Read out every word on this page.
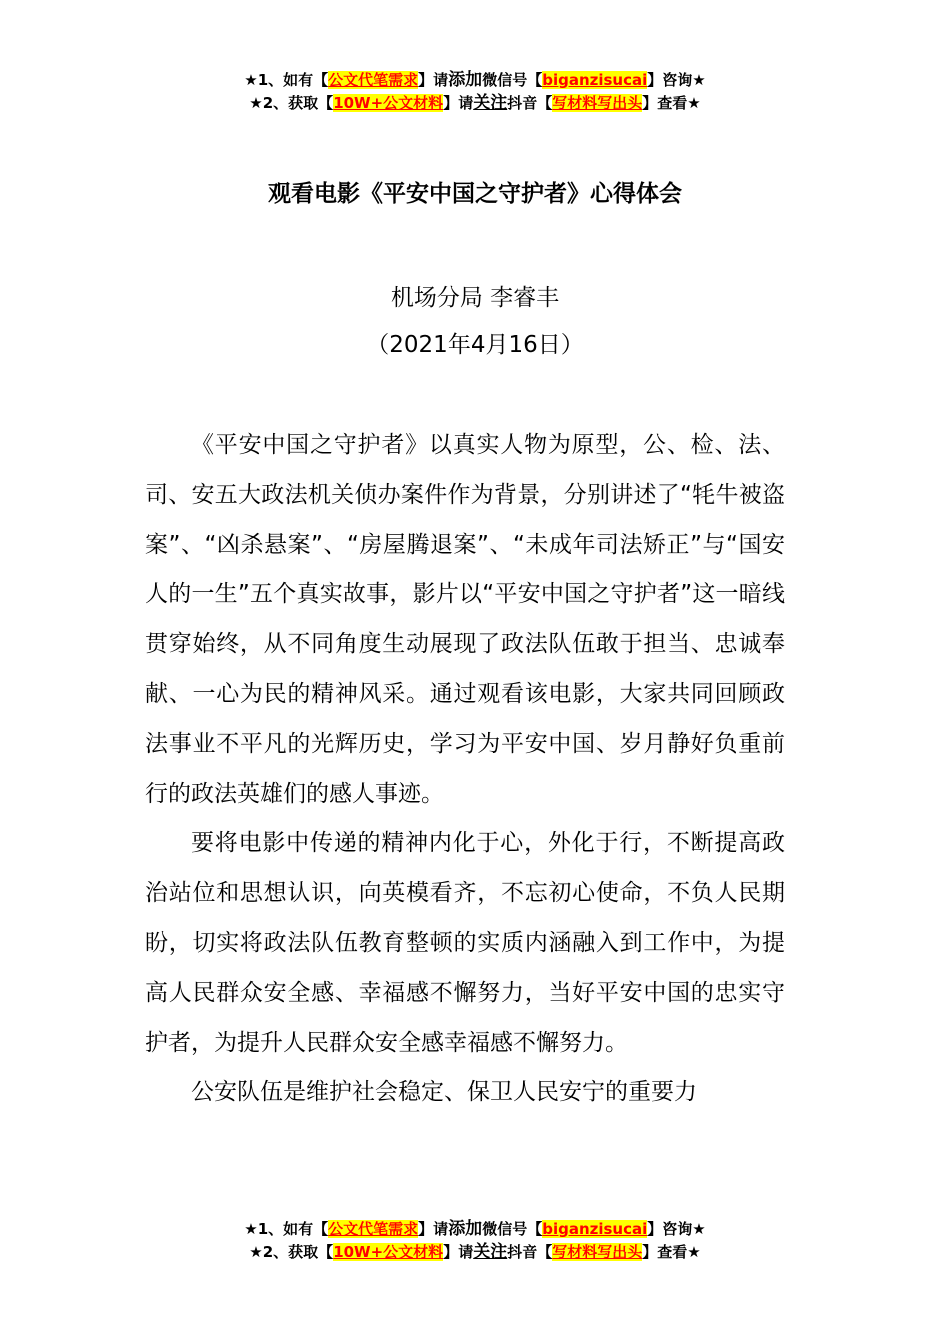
★1、如有【公文代笔需求】请添加微信号【biganzisucai】咨询★
★2、获取【10W+公文材料】请关注抖音【写材料写出头】查看★
观看电影《平安中国之守护者》心得体会
机场分局 李睿丰
（2021年4月16日）

《平安中国之守护者》以真实人物为原型，公、检、法、司、安五大政法机关侦办案件作为背景，分别讲述了“牦牛被盗案”、“凶杀悬案”、“房屋腾退案”、“未成年司法矫正”与“国安人的一生”五个真实故事，影片以“平安中国之守护者”这一暗线贯穿始终，从不同角度生动展现了政法队伍敢于担当、忠诚奉献、一心为民的精神风采。通过观看该电影，大家共同回顾政法事业不平凡的光辉历史，学习为平安中国、岁月静好负重前行的政法英雄们的感人事迹。

要将电影中传递的精神内化于心，外化于行，不断提高政治站位和思想认识，向英模看齐，不忘初心使命，不负人民期盼，切实将政法队伍教育整顿的实质内涵融入到工作中，为提高人民群众安全感、幸福感不懈努力，当好平安中国的忠实守护者，为提升人民群众安全感幸福感不懈努力。

公安队伍是维护社会稳定、保卫人民安宁的重要力

★1、如有【公文代笔需求】请添加微信号【biganzisucai】咨询★
★2、获取【10W+公文材料】请关注抖音【写材料写出头】查看★
